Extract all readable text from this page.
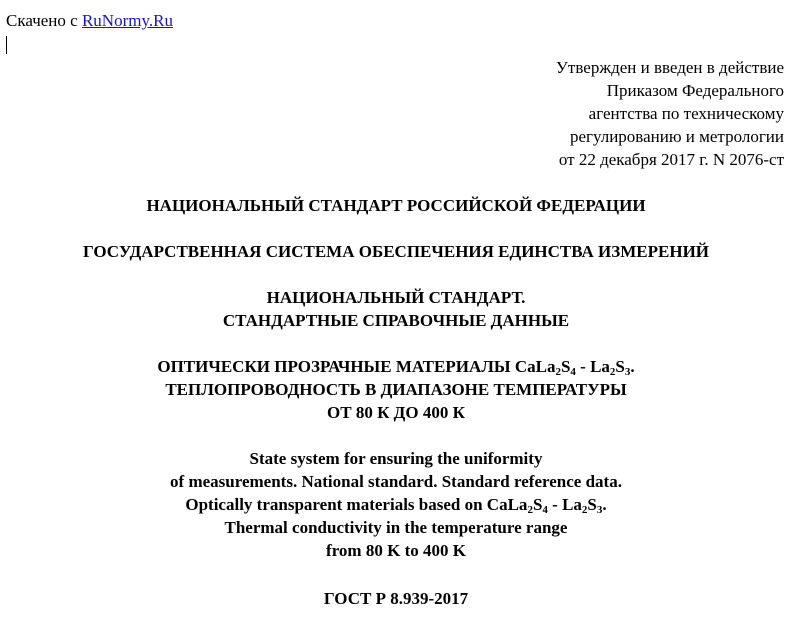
Скачено с RuNormy.Ru
Утвержден и введен в действие
Приказом Федерального
агентства по техническому
регулированию и метрологии
от 22 декабря 2017 г. N 2076-ст
НАЦИОНАЛЬНЫЙ СТАНДАРТ РОССИЙСКОЙ ФЕДЕРАЦИИ
ГОСУДАРСТВЕННАЯ СИСТЕМА ОБЕСПЕЧЕНИЯ ЕДИНСТВА ИЗМЕРЕНИЙ
НАЦИОНАЛЬНЫЙ СТАНДАРТ.
СТАНДАРТНЫЕ СПРАВОЧНЫЕ ДАННЫЕ
ОПТИЧЕСКИ ПРОЗРАЧНЫЕ МАТЕРИАЛЫ $CaLa_2S_4 - La_2S_3$.
ТЕПЛОПРОВОДНОСТЬ В ДИАПАЗОНЕ ТЕМПЕРАТУРЫ
ОТ 80 К ДО 400 К
State system for ensuring the uniformity
of measurements. National standard. Standard reference data.
Optically transparent materials based on $CaLa_2S_4 - La_2S_3$.
Thermal conductivity in the temperature range
from 80 K to 400 K
ГОСТ Р 8.939-2017
